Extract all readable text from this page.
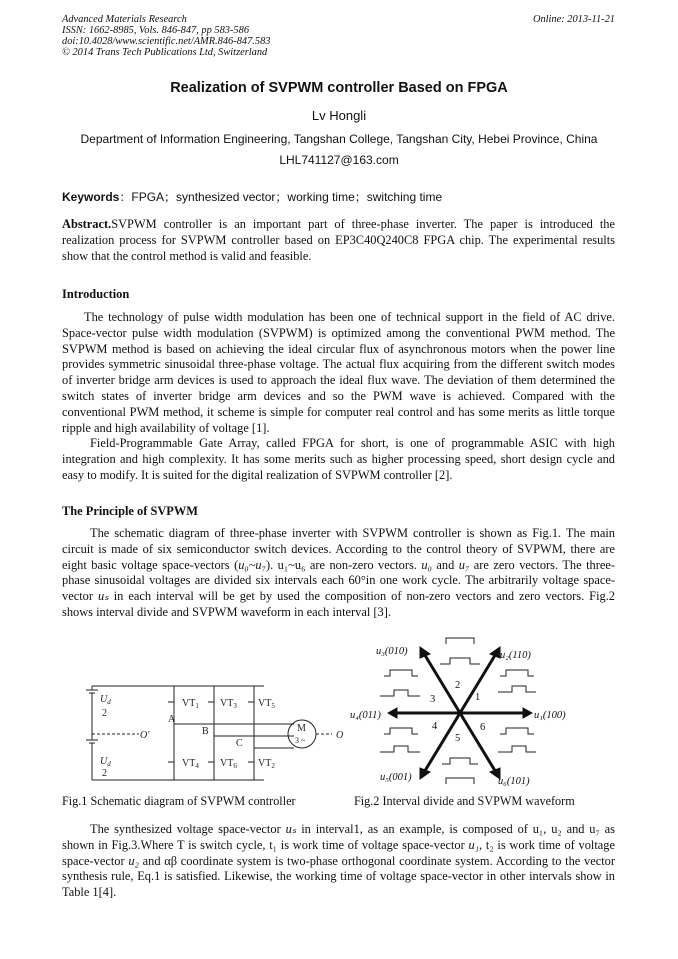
Advanced Materials Research
ISSN: 1662-8985, Vols. 846-847, pp 583-586
doi:10.4028/www.scientific.net/AMR.846-847.583
© 2014 Trans Tech Publications Ltd, Switzerland
Online: 2013-11-21
Realization of SVPWM controller Based on FPGA
Lv Hongli
Department of Information Engineering, Tangshan College, Tangshan City, Hebei Province, China
LHL741127@163.com
Keywords：FPGA；synthesized vector；working time；switching time
Abstract.SVPWM controller is an important part of three-phase inverter. The paper is introduced the realization process for SVPWM controller based on EP3C40Q240C8 FPGA chip. The experimental results show that the control method is valid and feasible.
Introduction
The technology of pulse width modulation has been one of technical support in the field of AC drive. Space-vector pulse width modulation (SVPWM) is optimized among the conventional PWM method. The SVPWM method is based on achieving the ideal circular flux of asynchronous motors when the power line provides symmetric sinusoidal three-phase voltage. The actual flux acquiring from the different switch modes of inverter bridge arm devices is used to approach the ideal flux wave. The deviation of them determined the switch states of inverter bridge arm devices and so the PWM wave is achieved. Compared with the conventional PWM method, it scheme is simple for computer real control and has some merits as little torque ripple and high availability of voltage [1].
Field-Programmable Gate Array, called FPGA for short, is one of programmable ASIC with high integration and high complexity. It has some merits such as higher processing speed, short design cycle and easy to modify. It is suited for the digital realization of SVPWM controller [2].
The Principle of SVPWM
The schematic diagram of three-phase inverter with SVPWM controller is shown as Fig.1. The main circuit is made of six semiconductor switch devices. According to the control theory of SVPWM, there are eight basic voltage space-vectors (u₀~u₇). u₁~u₆ are non-zero vectors. u₀ and u₇ are zero vectors. The three-phase sinusoidal voltages are divided six intervals each 60°in one work cycle. The arbitrarily voltage space-vector uₛ in each interval will be get by used the composition of non-zero vectors and zero vectors. Fig.2 shows interval divide and SVPWM waveform in each interval [3].
$U_d$
2
$U_d$
2
O'	O
A
B
C
M
3 ~
$VT_1$ $VT_3$ $VT_5$
$VT_4$ $VT_6$ $VT_2$
u₃(010)	u₂(110)
u₄(011)	u₁(100)
u₅(001)	u₆(101)
1
2
3
4
5
6
Fig.1 Schematic diagram of SVPWM controller	Fig.2 Interval divide and SVPWM waveform
The synthesized voltage space-vector uₛ in interval1, as an example, is composed of u₁, u₂ and u₇ as shown in Fig.3.Where T is switch cycle, t₁ is work time of voltage space-vector u₁, t₂ is work time of voltage space-vector u₂ and αβ coordinate system is two-phase orthogonal coordinate system. According to the vector synthesis rule, Eq.1 is satisfied. Likewise, the working time of voltage space-vector in other intervals show in Table 1[4].
